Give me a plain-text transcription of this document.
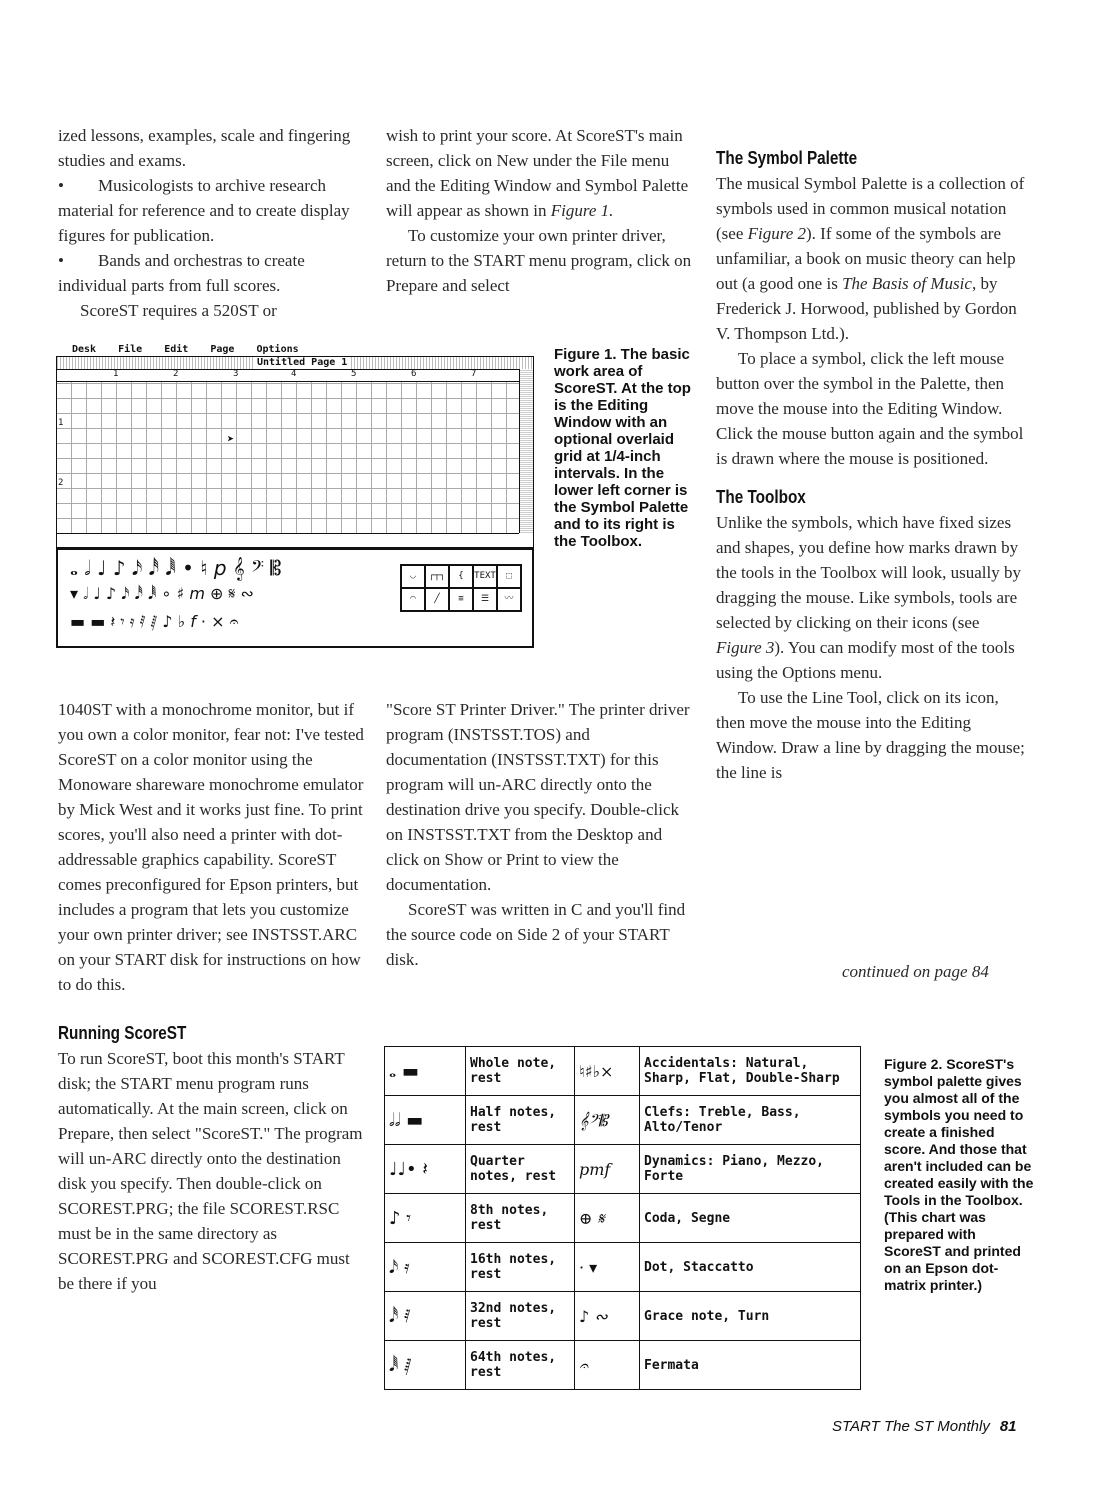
ized lessons, examples, scale and fingering studies and exams.

• Musicologists to archive research material for reference and to create display figures for publication.

• Bands and orchestras to create individual parts from full scores.

ScoreST requires a 520ST or

wish to print your score. At ScoreST's main screen, click on New under the File menu and the Editing Window and Symbol Palette will appear as shown in Figure 1.

To customize your own printer driver, return to the START menu program, click on Prepare and select

The Symbol Palette

The musical Symbol Palette is a collection of symbols used in common musical notation (see Figure 2). If some of the symbols are unfamiliar, a book on music theory can help out (a good one is The Basis of Music, by Frederick J. Horwood, published by Gordon V. Thompson Ltd.).

To place a symbol, click the left mouse button over the symbol in the Palette, then move the mouse into the Editing Window. Click the mouse button again and the symbol is drawn where the mouse is positioned.

The Toolbox

Unlike the symbols, which have fixed sizes and shapes, you define how marks drawn by the tools in the Toolbox will look, usually by dragging the mouse. Like symbols, tools are selected by clicking on their icons (see Figure 3). You can modify most of the tools using the Options menu.

To use the Line Tool, click on its icon, then move the mouse into the Editing Window. Draw a line by dragging the mouse; the line is

continued on page 84
Desk File Edit Page Options
Untitled Page 1
1	2	3	4	5	6	7
1
2
➤
𝅝 𝅗𝅥 ♩ ♪ 𝅘𝅥𝅯 𝅘𝅥𝅰 𝅘𝅥𝅱 • ♮ p 𝄞 𝄢 𝄡
▾ 𝅗𝅥 ♩ ♪ 𝅘𝅥𝅯 𝅘𝅥𝅰 𝅘𝅥𝅱 ∘ ♯ m ⊕ 𝄋 ∾
▬ ▬ 𝄽 𝄾 𝄿 𝅀 𝅁 ♪ ♭ f · × 𝄐
◡	┌┬┐	{	TEXT	⬚
◠	╱	≡	☰	〰
Figure 1. The basic work area of ScoreST. At the top is the Editing Window with an optional overlaid grid at 1/4-inch intervals. In the lower left corner is the Symbol Palette and to its right is the Toolbox.

1040ST with a monochrome monitor, but if you own a color monitor, fear not: I've tested ScoreST on a color monitor using the Monoware shareware monochrome emulator by Mick West and it works just fine. To print scores, you'll also need a printer with dot-addressable graphics capability. ScoreST comes preconfigured for Epson printers, but includes a program that lets you customize your own printer driver; see INSTSST.ARC on your START disk for instructions on how to do this.

Running ScoreST

To run ScoreST, boot this month's START disk; the START menu program runs automatically. At the main screen, click on Prepare, then select "ScoreST." The program will un-ARC directly onto the destination disk you specify. Then double-click on SCOREST.PRG; the file SCOREST.RSC must be in the same directory as SCOREST.PRG and SCOREST.CFG must be there if you

"Score ST Printer Driver." The printer driver program (INSTSST.TOS) and documentation (INSTSST.TXT) for this program will un-ARC directly onto the destination drive you specify. Double-click on INSTSST.TXT from the Desktop and click on Show or Print to view the documentation.

ScoreST was written in C and you'll find the source code on Side 2 of your START disk.

𝅝 ▬	Whole note, rest	♮♯♭×	Accidentals: Natural, Sharp, Flat, Double-Sharp
𝅗𝅥𝅗𝅥 ▬	Half notes, rest	𝄞𝄢𝄡	Clefs: Treble, Bass, Alto/Tenor
♩♩• 𝄽	Quarter notes, rest	pmf	Dynamics: Piano, Mezzo, Forte
♪ 𝄾	8th notes, rest	⊕ 𝄋	Coda, Segne
𝅘𝅥𝅯 𝄿	16th notes, rest	· ▾	Dot, Staccatto
𝅘𝅥𝅰 𝅀	32nd notes, rest	♪ ∾	Grace note, Turn
𝅘𝅥𝅱 𝅁	64th notes, rest	𝄐	Fermata
Figure 2. ScoreST's symbol palette gives you almost all of the symbols you need to create a finished score. And those that aren't included can be created easily with the Tools in the Toolbox. (This chart was prepared with ScoreST and printed on an Epson dot-matrix printer.)
START The ST Monthly 81
